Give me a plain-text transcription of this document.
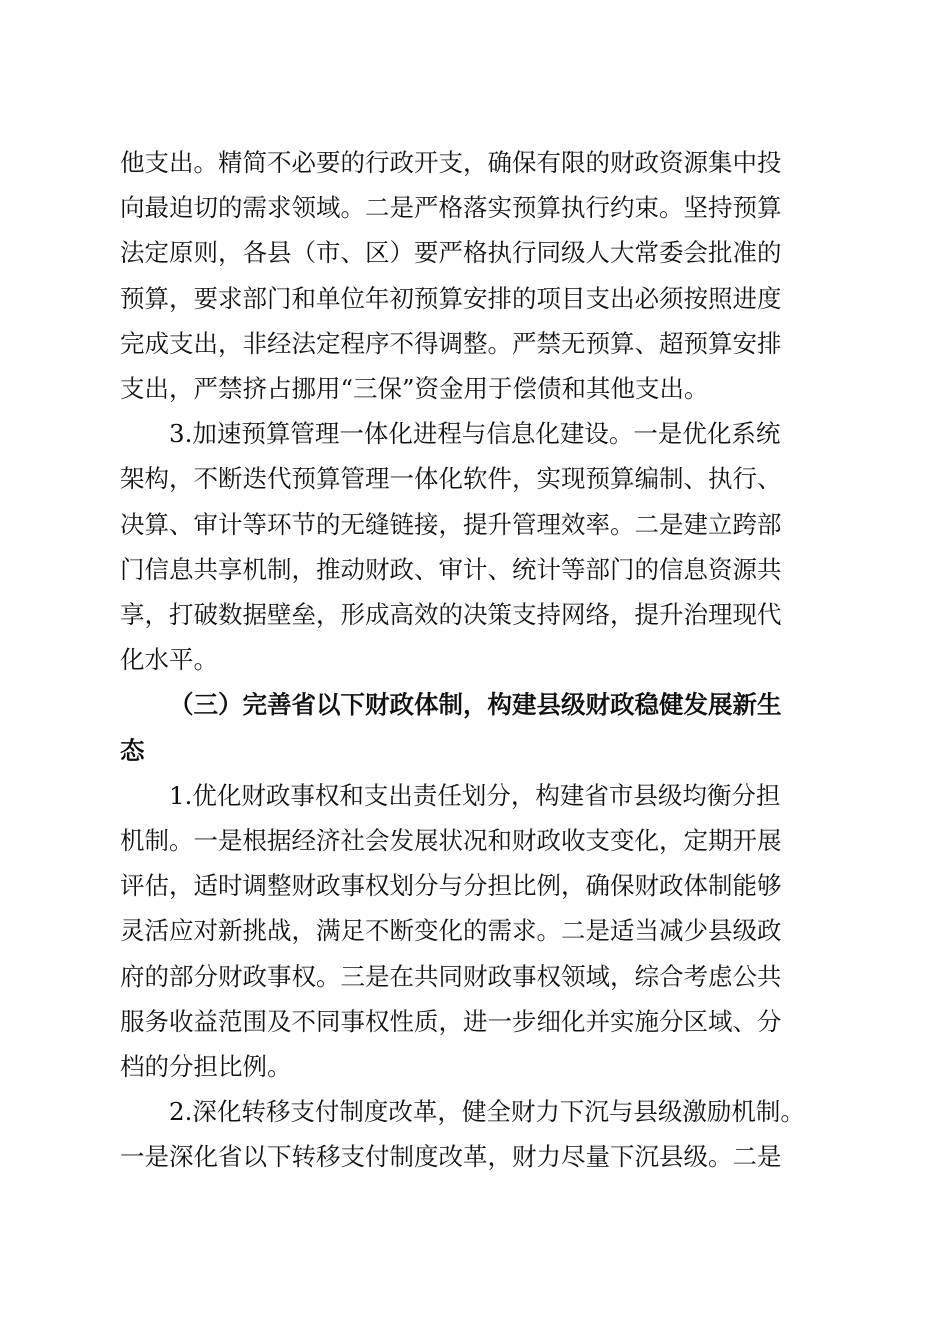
他支出。精简不必要的行政开支，确保有限的财政资源集中投
向最迫切的需求领域。二是严格落实预算执行约束。坚持预算
法定原则，各县（市、区）要严格执行同级人大常委会批准的
预算，要求部门和单位年初预算安排的项目支出必须按照进度
完成支出，非经法定程序不得调整。严禁无预算、超预算安排
支出，严禁挤占挪用“三保”资金用于偿债和其他支出。
3.加速预算管理一体化进程与信息化建设。一是优化系统
架构，不断迭代预算管理一体化软件，实现预算编制、执行、
决算、审计等环节的无缝链接，提升管理效率。二是建立跨部
门信息共享机制，推动财政、审计、统计等部门的信息资源共
享，打破数据壁垒，形成高效的决策支持网络，提升治理现代
化水平。
（三）完善省以下财政体制，构建县级财政稳健发展新生
态
1.优化财政事权和支出责任划分，构建省市县级均衡分担
机制。一是根据经济社会发展状况和财政收支变化，定期开展
评估，适时调整财政事权划分与分担比例，确保财政体制能够
灵活应对新挑战，满足不断变化的需求。二是适当减少县级政
府的部分财政事权。三是在共同财政事权领域，综合考虑公共
服务收益范围及不同事权性质，进一步细化并实施分区域、分
档的分担比例。
2.深化转移支付制度改革，健全财力下沉与县级激励机制。
一是深化省以下转移支付制度改革，财力尽量下沉县级。二是
